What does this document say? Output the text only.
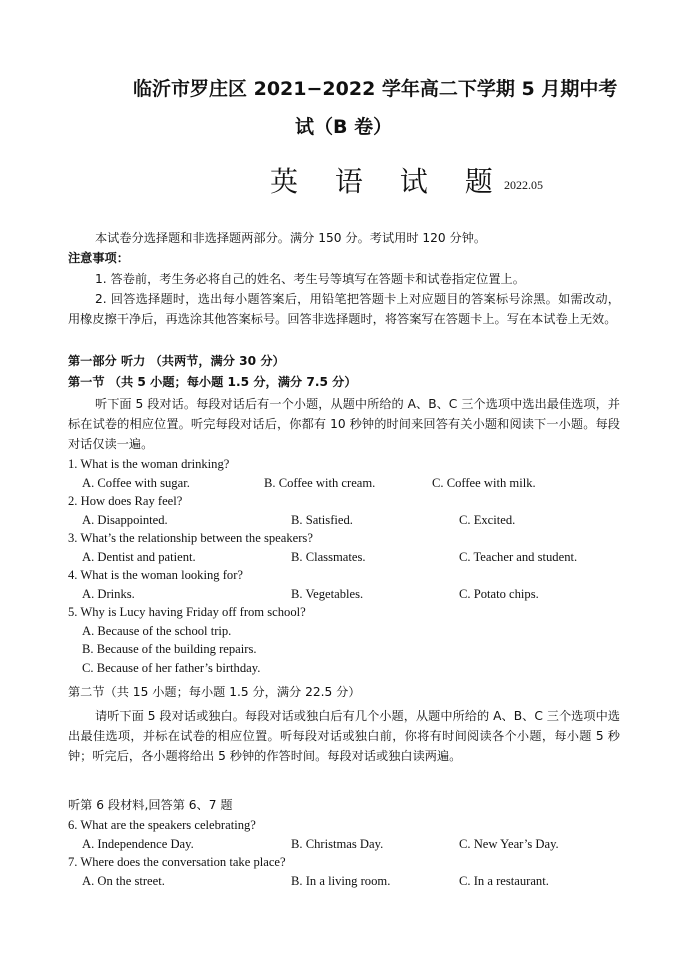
临沂市罗庄区 2021−2022 学年高二下学期 5 月期中考
试（B 卷）
英 语 试 题
2022.05
本试卷分选择题和非选择题两部分。满分 150 分。考试用时 120 分钟。
注意事项：
1. 答卷前，考生务必将自己的姓名、考生号等填写在答题卡和试卷指定位置上。
2. 回答选择题时，选出每小题答案后，用铅笔把答题卡上对应题目的答案标号涂黑。如需改动，用橡皮擦干净后，再选涂其他答案标号。回答非选择题时，将答案写在答题卡上。写在本试卷上无效。
第一部分 听力 （共两节，满分 30 分）
第一节 （共 5 小题；每小题 1.5 分，满分 7.5 分）
听下面 5 段对话。每段对话后有一个小题，从题中所给的 A、B、C 三个选项中选出最佳选项，并标在试卷的相应位置。听完每段对话后，你都有 10 秒钟的时间来回答有关小题和阅读下一小题。每段对话仅读一遍。
1. What is the woman drinking?
A. Coffee with sugar.	B. Coffee with cream.	C. Coffee with milk.
2. How does Ray feel?
A. Disappointed.	B. Satisfied.	C. Excited.
3. What’s the relationship between the speakers?
A. Dentist and patient.	B. Classmates.	C. Teacher and student.
4. What is the woman looking for?
A. Drinks.	B. Vegetables.	C. Potato chips.
5. Why is Lucy having Friday off from school?
A. Because of the school trip.
B. Because of the building repairs.
C. Because of her father’s birthday.
第二节（共 15 小题；每小题 1.5 分，满分 22.5 分）
请听下面 5 段对话或独白。每段对话或独白后有几个小题，从题中所给的 A、B、C 三个选项中选出最佳选项，并标在试卷的相应位置。听每段对话或独白前，你将有时间阅读各个小题，每小题 5 秒钟；听完后，各小题将给出 5 秒钟的作答时间。每段对话或独白读两遍。
听第 6 段材料,回答第 6、7 题
6. What are the speakers celebrating?
A. Independence Day.	B. Christmas Day.	C. New Year’s Day.
7. Where does the conversation take place?
A. On the street.	B. In a living room.	C. In a restaurant.
